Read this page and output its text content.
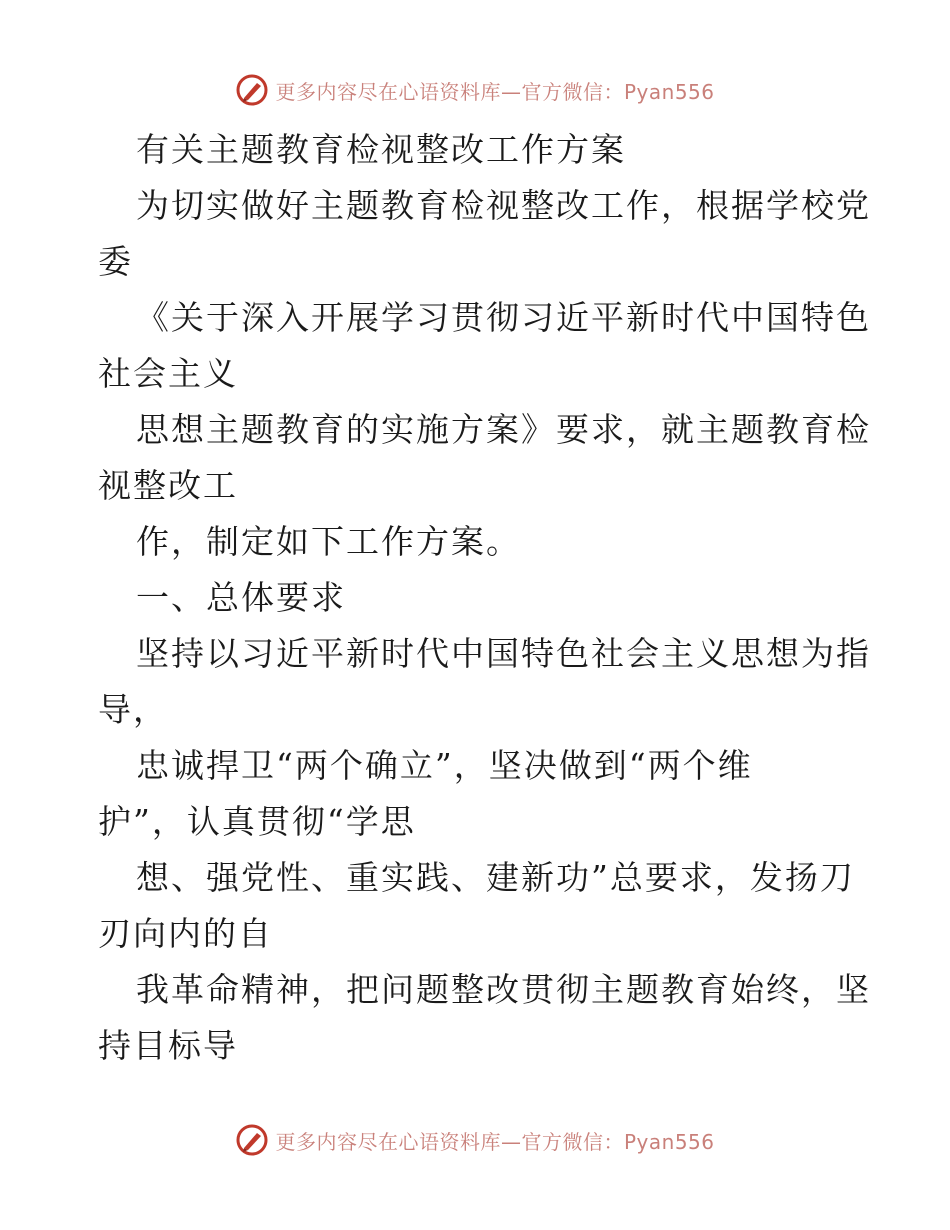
更多内容尽在心语资料库—官方微信：Pyan556
有关主题教育检视整改工作方案
为切实做好主题教育检视整改工作，根据学校党
委
《关于深入开展学习贯彻习近平新时代中国特色
社会主义
思想主题教育的实施方案》要求，就主题教育检
视整改工
作，制定如下工作方案。
一、总体要求
坚持以习近平新时代中国特色社会主义思想为指
导，
忠诚捍卫“两个确立”，坚决做到“两个维
护”，认真贯彻“学思
想、强党性、重实践、建新功”总要求，发扬刀
刃向内的自
我革命精神，把问题整改贯彻主题教育始终，坚
持目标导
更多内容尽在心语资料库—官方微信：Pyan556
